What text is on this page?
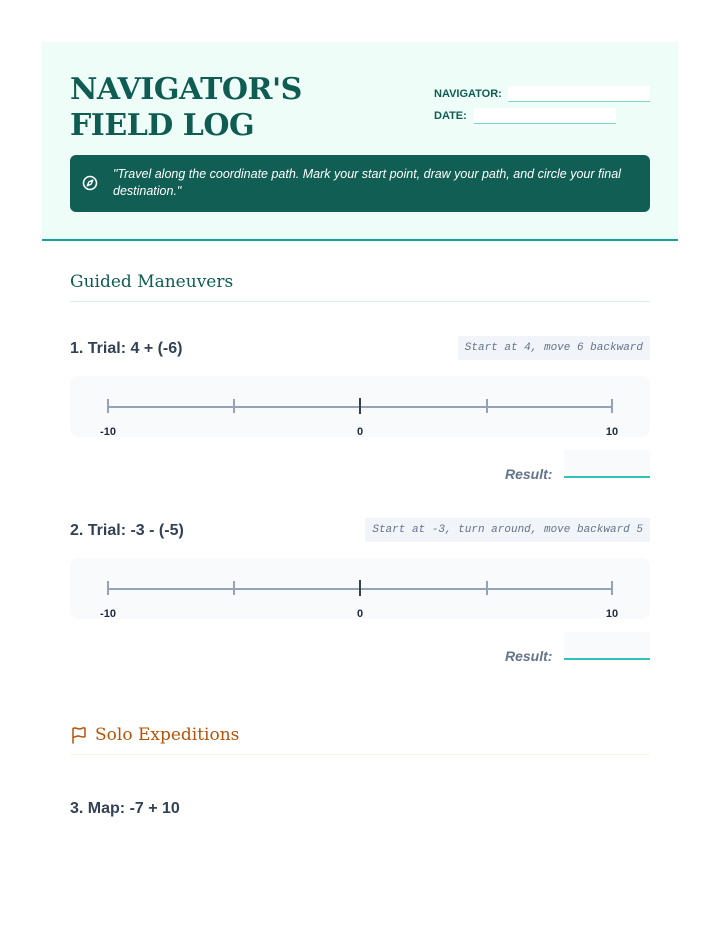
NAVIGATOR'S FIELD LOG
NAVIGATOR:
DATE:
"Travel along the coordinate path. Mark your start point, draw your path, and circle your final destination."
Guided Maneuvers
1. Trial: 4 + (-6)	Start at 4, move 6 backward
-10	0	10
Result:
2. Trial: -3 - (-5)	Start at -3, turn around, move backward 5
-10	0	10
Result:
Solo Expeditions
3. Map: -7 + 10
